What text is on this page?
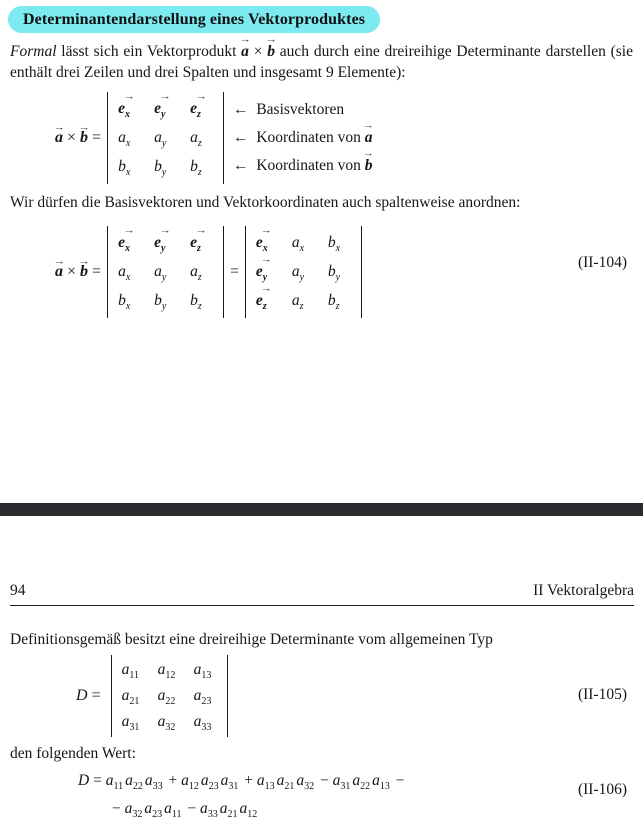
Determinantendarstellung eines Vektorproduktes

Formal lässt sich ein Vektorprodukt a → × b → auch durch eine dreireihige Determinante darstellen (sie enthält drei Zeilen und drei Spalten und insgesamt 9 Elemente):

a → × b → =
$e_x$ →	$e_y$ →	$e_z$ →
$a_x$	$a_y$	$a_z$
$b_x$	$b_y$	$b_z$
←  Basisvektoren
←  Koordinaten von a →
←  Koordinaten von b →

Wir dürfen die Basisvektoren und Vektorkoordinaten auch spaltenweise anordnen:

a → × b → =
$e_x$ →	$e_y$ →	$e_z$ →
$a_x$	$a_y$	$a_z$
$b_x$	$b_y$	$b_z$
=
$e_x$ →	$a_x$	$b_x$
$e_y$ →	$a_y$	$b_y$
$e_z$ →	$a_z$	$b_z$
(II-104)
94	II Vektoralgebra

Definitionsgemäß besitzt eine dreireihige Determinante vom allgemeinen Typ

D =
$a_{11}$	$a_{12}$	$a_{13}$
$a_{21}$	$a_{22}$	$a_{23}$
$a_{31}$	$a_{32}$	$a_{33}$
(II-105)

den folgenden Wert:

$D = a_{11}$ $a_{22}$ $a_{33} + a_{12}$ $a_{23}$ $a_{31} + a_{13}$ $a_{21}$ $a_{32} - a_{31}$ $a_{22}$ $a_{13}$ −
− $a_{32}$ $a_{23}$ $a_{11} - a_{33}$ $a_{21}$ $a_{12}$
(II-106)
